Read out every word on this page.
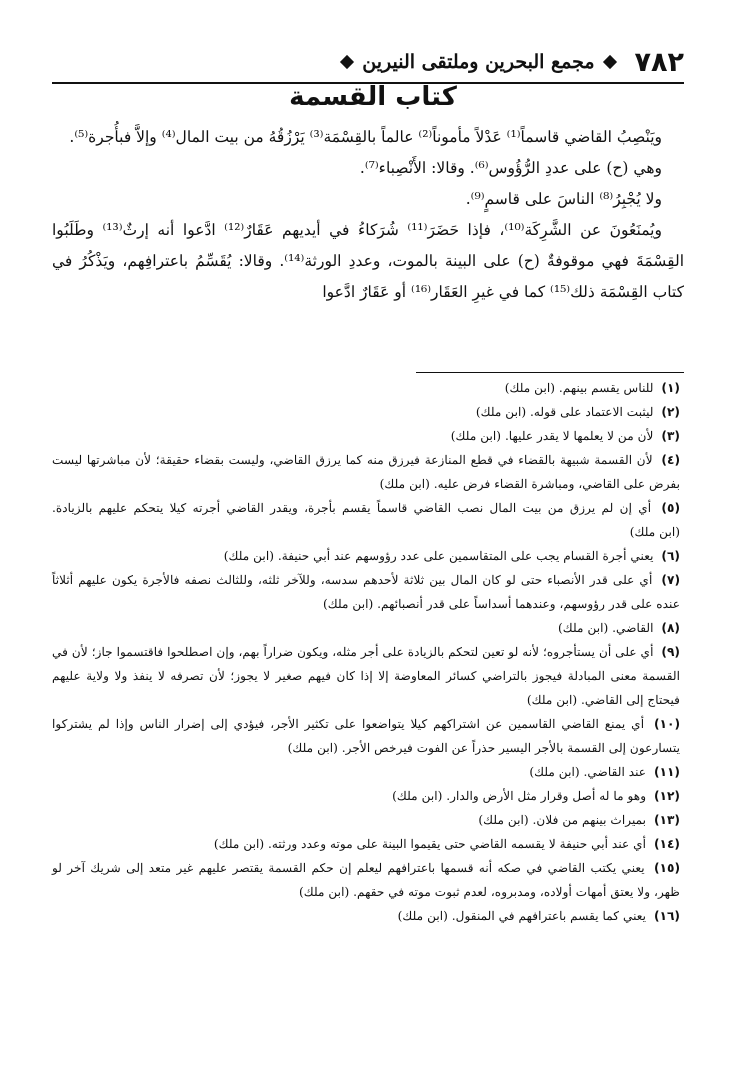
٧٨٢
مجمع البحرين وملتقى النيرين
كتاب القسمة

ويَنْصِبُ القاضي قاسماً⁽¹⁾ عَدْلاً مأموناً⁽²⁾ عالماً بالقِسْمَة⁽³⁾ يَرْزُقُهُ من بيت المال⁽⁴⁾ وإلاَّ فبأُجرة⁽⁵⁾.

وهي (ح) على عددِ الرُّؤُوس⁽⁶⁾. وقالا: الأَنْصِباء⁽⁷⁾.

ولا يُجْبِرُ⁽⁸⁾ الناسَ على قاسمٍ⁽⁹⁾.

ويُمنَعُونَ عن الشَّرِكَة⁽¹⁰⁾، فإذا حَضَرَ⁽¹¹⁾ شُرَكاءُ في أيديهم عَقَارٌ⁽¹²⁾ ادَّعوا أنه إرثٌ⁽¹³⁾ وطَلَبُوا القِسْمَةَ فهي موقوفةٌ (ح) على البينة بالموت، وعددِ الورثة⁽¹⁴⁾. وقالا: يُقَسِّمُ باعترافِهم، ويَذْكُرُ في كتاب القِسْمَة ذلك⁽¹⁵⁾ كما في غيرِ العَقَار⁽¹⁶⁾ أو عَقَارٌ ادَّعوا

(١) للناس يقسم بينهم. (ابن ملك)
(٢) ليثبت الاعتماد على قوله. (ابن ملك)
(٣) لأن من لا يعلمها لا يقدر عليها. (ابن ملك)
(٤) لأن القسمة شبيهة بالقضاء في قطع المنازعة فيرزق منه كما يرزق القاضي، وليست بقضاء حقيقة؛ لأن مباشرتها ليست بفرض على القاضي، ومباشرة القضاء فرض عليه. (ابن ملك)
(٥) أي إن لم يرزق من بيت المال نصب القاضي قاسماً يقسم بأجرة، ويقدر القاضي أجرته كيلا يتحكم عليهم بالزيادة. (ابن ملك)
(٦) يعني أجرة القسام يجب على المتقاسمين على عدد رؤوسهم عند أبي حنيفة. (ابن ملك)
(٧) أي على قدر الأنصباء حتى لو كان المال بين ثلاثة لأحدهم سدسه، وللآخر ثلثه، وللثالث نصفه فالأجرة يكون عليهم أثلاثاً عنده على قدر رؤوسهم، وعندهما أسداساً على قدر أنصبائهم. (ابن ملك)
(٨) القاضي. (ابن ملك)
(٩) أي على أن يستأجروه؛ لأنه لو تعين لتحكم بالزيادة على أجر مثله، ويكون ضراراً بهم، وإن اصطلحوا فاقتسموا جاز؛ لأن في القسمة معنى المبادلة فيجوز بالتراضي كسائر المعاوضة إلا إذا كان فيهم صغير لا يجوز؛ لأن تصرفه لا ينفذ ولا ولاية عليهم فيحتاج إلى القاضي. (ابن ملك)
(١٠) أي يمنع القاضي القاسمين عن اشتراكهم كيلا يتواضعوا على تكثير الأجر، فيؤدي إلى إضرار الناس وإذا لم يشتركوا يتسارعون إلى القسمة بالأجر اليسير حذراً عن الفوت فيرخص الأجر. (ابن ملك)
(١١) عند القاضي. (ابن ملك)
(١٢) وهو ما له أصل وقرار مثل الأرض والدار. (ابن ملك)
(١٣) بميراث بينهم من فلان. (ابن ملك)
(١٤) أي عند أبي حنيفة لا يقسمه القاضي حتى يقيموا البينة على موته وعدد ورثته. (ابن ملك)
(١٥) يعني يكتب القاضي في صكه أنه قسمها باعترافهم ليعلم إن حكم القسمة يقتصر عليهم غير متعد إلى شريك آخر لو ظهر، ولا يعتق أمهات أولاده، ومدبروه، لعدم ثبوت موته في حقهم. (ابن ملك)
(١٦) يعني كما يقسم باعترافهم في المنقول. (ابن ملك)
